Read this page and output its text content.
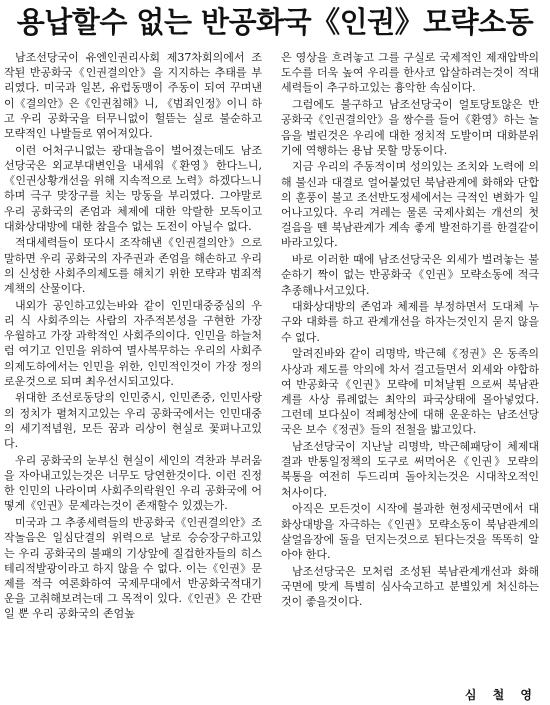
용납할수 없는 반공화국《인권》모략소동

남조선당국이 유엔인권리사회 제37차회의에서 조작된 반공화국《인권결의안》을 지지하는 추태를 부리였다. 미국과 일본, 유럽동맹이 주동이 되여 꾸며낸 이《결의안》은《인권침해》니, 《범죄인정》이니 하고 우리 공화국을 터무니없이 헐뜯는 실로 불순하고 모략적인 나발들로 엮어져있다.

이런 어처구니없는 광대놀음이 벌어졌는데도 남조선당국은 외교부대변인을 내세워《환영》한다느니,《인권상황개선을 위해 지속적으로 노력》하겠다느니 하며 극구 맞장구를 치는 망동을 부리였다. 그야말로 우리 공화국의 존엄과 체제에 대한 악랄한 모독이고 대화상대방에 대한 참을수 없는 도전이 아닐수 없다.

적대세력들이 또다시 조작해낸《인권결의안》으로 말하면 우리 공화국의 자주권과 존엄을 해손하고 우리의 신성한 사회주의제도를 해치기 위한 모략과 범죄적계책의 산물이다.

내외가 공인하고있는바와 같이 인민대중중심의 우리 식 사회주의는 사람의 자주적본성을 구현한 가장 우월하고 가장 과학적인 사회주의이다. 인민을 하늘처럼 여기고 인민을 위하여 멸사복무하는 우리의 사회주의제도하에서는 인민을 위한, 인민적인것이 가장 정의로운것으로 되며 최우선시되고있다.

위대한 조선로동당의 인민중시, 인민존중, 인민사랑의 정치가 펼쳐지고있는 우리 공화국에서는 인민대중의 세기적념원, 모든 꿈과 리상이 현실로 꽃펴나고있다.

우리 공화국의 눈부신 현실이 세인의 격찬과 부러움을 자아내고있는것은 너무도 당연한것이다. 이런 진정한 인민의 나라이며 사회주의락원인 우리 공화국에 어떻게《인권》문제라는것이 존재할수 있겠는가.

미국과 그 추종세력들의 반공화국《인권결의안》조작놀음은 일심단결의 위력으로 날로 승승장구하고있는 우리 공화국의 불패의 기상앞에 질겁한자들의 히스테리적발광이라고 하지 않을 수 없다. 이는《인권》문제를 적극 여론화하여 국제무대에서 반공화국적대기운을 고취해보려는데 그 목적이 있다.《인권》은 간판일 뿐 우리 공화국의 존엄높

은 영상을 흐려놓고 그를 구실로 국제적인 제재압박의 도수를 더욱 높여 우리를 한사코 압살하려는것이 적대세력들이 추구하고있는 흉악한 속심이다.

그럼에도 불구하고 남조선당국이 얼토당토않은 반공화국《인권결의안》을 쌍수를 들어《환영》하는 놀음을 벌린것은 우리에 대한 정치적 도발이며 대화분위기에 역행하는 용납 못할 망동이다.

지금 우리의 주동적이며 성의있는 조치와 노력에 의해 불신과 대결로 얼어붙었던 북남관계에 화해와 단합의 훈풍이 불고 조선반도정세에서는 극적인 변화가 일어나고있다. 우리 겨레는 물론 국제사회는 개선의 첫걸음을 뗀 북남관계가 계속 좋게 발전하기를 한결같이 바라고있다.

바로 이러한 때에 남조선당국은 외세가 벌려놓는 불순하기 짝이 없는 반공화국《인권》모략소동에 적극 추종해나서고있다.

대화상대방의 존엄과 체제를 부정하면서 도대체 누구와 대화를 하고 관계개선을 하자는것인지 묻지 않을수 없다.

알려진바와 같이 리명박, 박근혜《정권》은 동족의 사상과 제도를 악의에 차서 걸고들면서 외세와 야합하여 반공화국《인권》모략에 미쳐날뛴 으로써 북남관계를 사상 류례없는 최악의 파국상태에 몰아넣었다. 그런데 보다싶이 적폐청산에 대해 운운하는 남조선당국은 보수《정권》들의 전철을 밟고있다.

남조선당국이 지난날 리명박, 박근혜패당이 체제대결과 반통일정책의 도구로 써먹어온《인권》모략의 북통을 여전히 두드리며 돌아치는것은 시대착오적인 처사이다.

아직은 모든것이 시작에 불과한 현정세국면에서 대화상대방을 자극하는《인권》모략소동이 북남관계의 살얼음장에 돌을 던지는것으로 된다는것을 똑똑히 알아야 한다.

남조선당국은 모처럼 조성된 북남관계개선과 화해국면에 맞게 특별히 심사숙고하고 분별있게 처신하는것이 좋을것이다.

심 철 영
